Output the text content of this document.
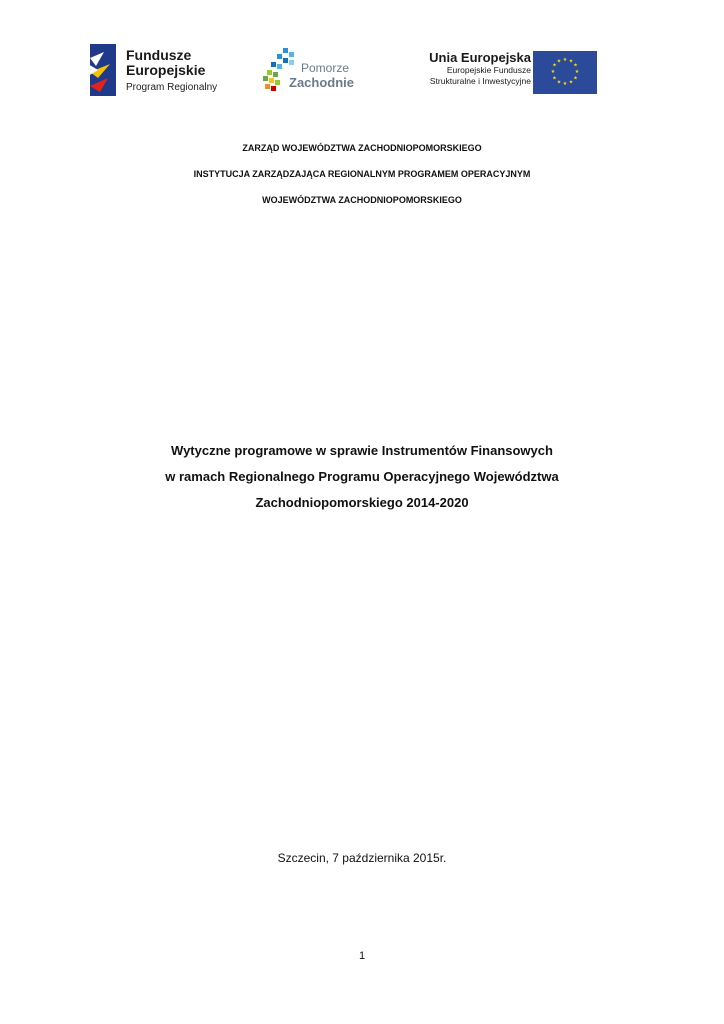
Fundusze
Europejskie
Program Regionalny
Pomorze
Zachodnie
Unia Europejska
Europejskie Fundusze
Strukturalne i Inwestycyjne
★ ★
★
★
★
★
★
★
★
★
★
★
ZARZĄD WOJEWÓDZTWA ZACHODNIOPOMORSKIEGO
INSTYTUCJA ZARZĄDZAJĄCA REGIONALNYM PROGRAMEM OPERACYJNYM
WOJEWÓDZTWA ZACHODNIOPOMORSKIEGO
Wytyczne programowe w sprawie Instrumentów Finansowych
w ramach Regionalnego Programu Operacyjnego Województwa
Zachodniopomorskiego 2014-2020
Szczecin, 7 października 2015r.
1
